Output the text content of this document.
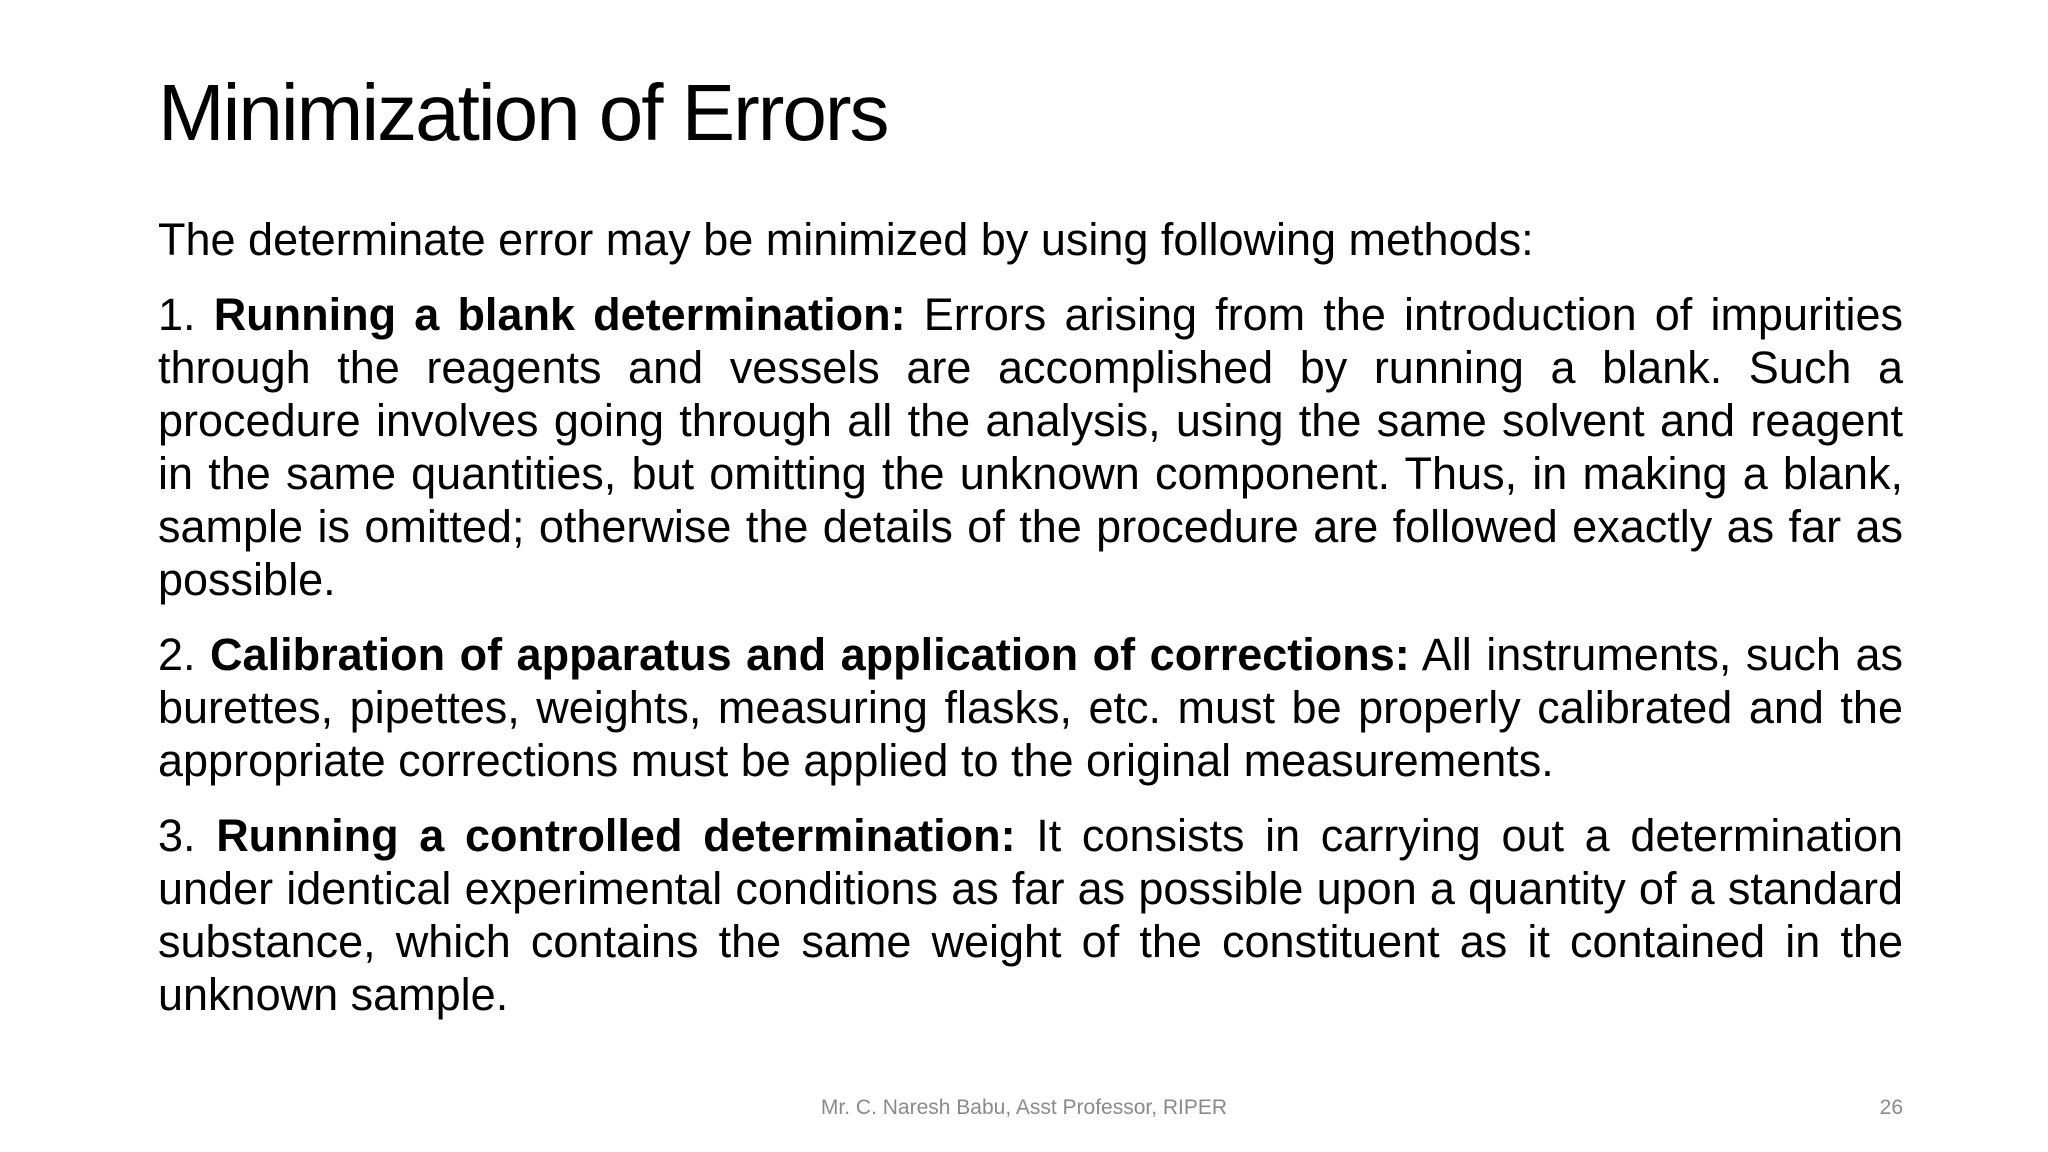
Minimization of Errors

The determinate error may be minimized by using following methods:

1. Running a blank determination: Errors arising from the introduction of impurities through the reagents and vessels are accomplished by running a blank. Such a procedure involves going through all the analysis, using the same solvent and reagent in the same quantities, but omitting the unknown component. Thus, in making a blank, sample is omitted; otherwise the details of the procedure are followed exactly as far as possible.

2. Calibration of apparatus and application of corrections: All instruments, such as burettes, pipettes, weights, measuring flasks, etc. must be properly calibrated and the appropriate corrections must be applied to the original measurements.

3. Running a controlled determination: It consists in carrying out a determination under identical experimental conditions as far as possible upon a quantity of a standard substance, which contains the same weight of the constituent as it contained in the unknown sample.

Mr. C. Naresh Babu, Asst Professor, RIPER	26
